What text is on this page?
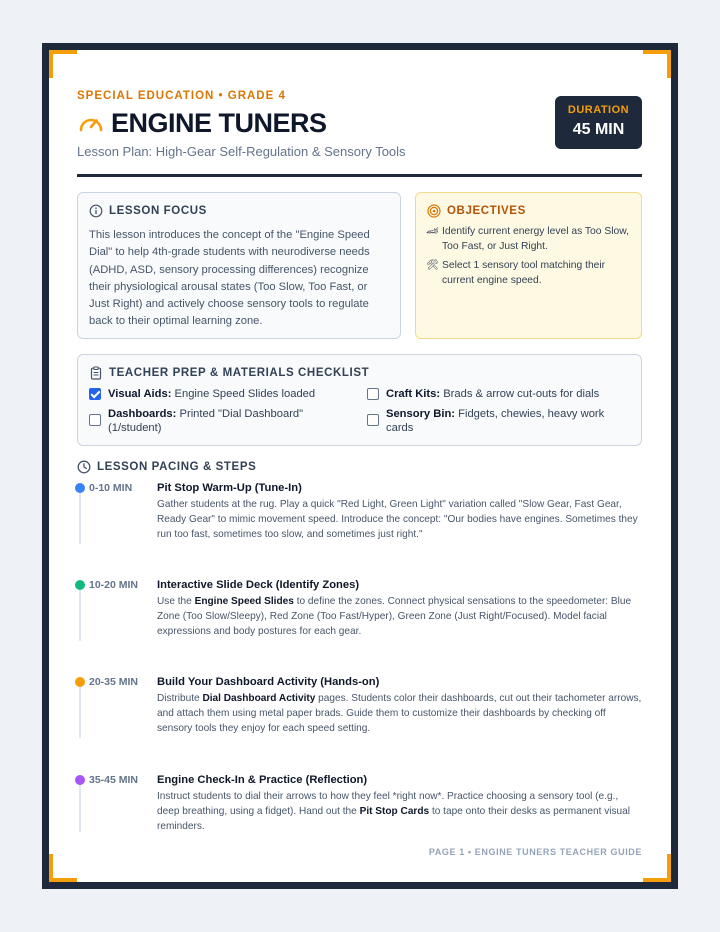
SPECIAL EDUCATION • GRADE 4
ENGINE TUNERS
Lesson Plan: High-Gear Self-Regulation & Sensory Tools
DURATION
45 MIN
LESSON FOCUS
This lesson introduces the concept of the "Engine Speed Dial" to help 4th-grade students with neurodiverse needs (ADHD, ASD, sensory processing differences) recognize their physiological arousal states (Too Slow, Too Fast, or Just Right) and actively choose sensory tools to regulate back to their optimal learning zone.
OBJECTIVES
🏎 Identify current energy level as Too Slow, Too Fast, or Just Right.
🛠 Select 1 sensory tool matching their current engine speed.
TEACHER PREP & MATERIALS CHECKLIST
Visual Aids: Engine Speed Slides loaded	Craft Kits: Brads & arrow cut-outs for dials
Dashboards: Printed "Dial Dashboard" (1/student)
Sensory Bin: Fidgets, chewies, heavy work cards
LESSON PACING & STEPS
0-10 MIN Pit Stop Warm-Up (Tune-In)
Gather students at the rug. Play a quick "Red Light, Green Light" variation called "Slow Gear, Fast Gear, Ready Gear" to mimic movement speed. Introduce the concept: "Our bodies have engines. Sometimes they run too fast, sometimes too slow, and sometimes just right."
10-20 MIN Interactive Slide Deck (Identify Zones)
Use the Engine Speed Slides to define the zones. Connect physical sensations to the speedometer: Blue Zone (Too Slow/Sleepy), Red Zone (Too Fast/Hyper), Green Zone (Just Right/Focused). Model facial expressions and body postures for each gear.
20-35 MIN Build Your Dashboard Activity (Hands-on)
Distribute Dial Dashboard Activity pages. Students color their dashboards, cut out their tachometer arrows, and attach them using metal paper brads. Guide them to customize their dashboards by checking off sensory tools they enjoy for each speed setting.
35-45 MIN Engine Check-In & Practice (Reflection)
Instruct students to dial their arrows to how they feel *right now*. Practice choosing a sensory tool (e.g., deep breathing, using a fidget). Hand out the Pit Stop Cards to tape onto their desks as permanent visual reminders.
PAGE 1 • ENGINE TUNERS TEACHER GUIDE
